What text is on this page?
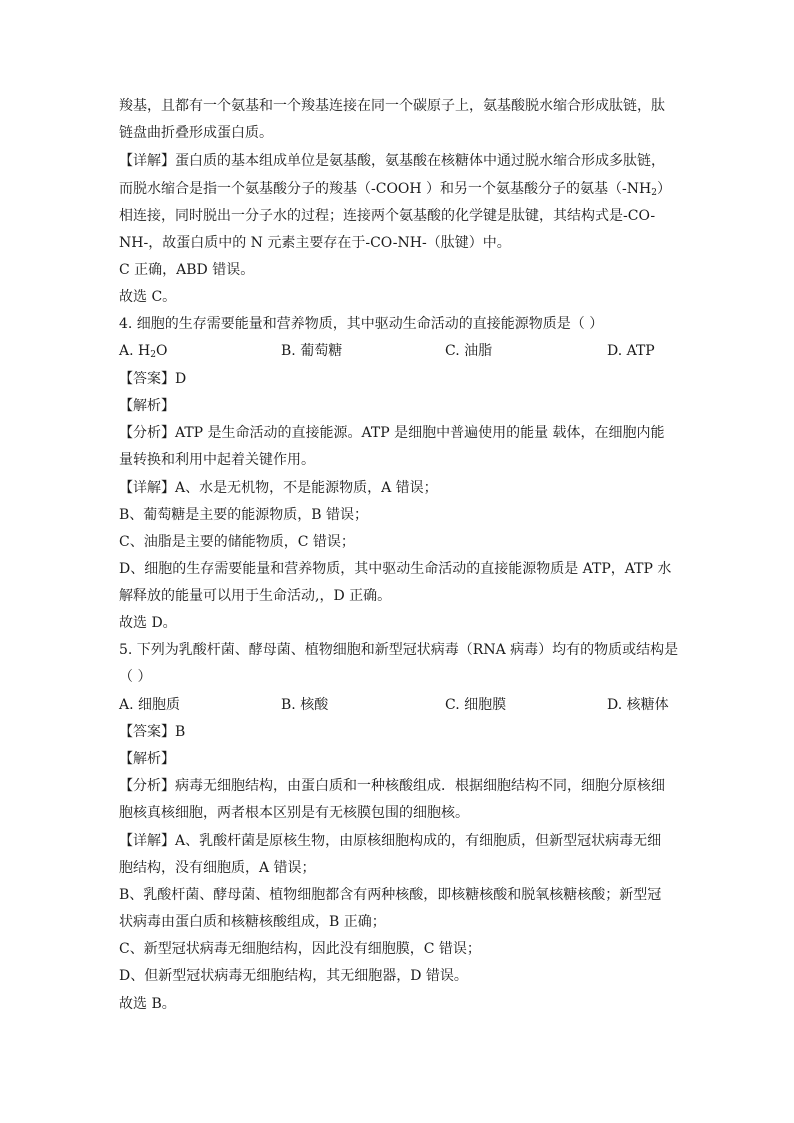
羧基，且都有一个氨基和一个羧基连接在同一个碳原子上，氨基酸脱水缩合形成肽链，肽
链盘曲折叠形成蛋白质。
【详解】蛋白质的基本组成单位是氨基酸，氨基酸在核糖体中通过脱水缩合形成多肽链，
而脱水缩合是指一个氨基酸分子的羧基（-COOH ）和另一个氨基酸分子的氨基$(-NH_2)$
相连接，同时脱出一分子水的过程；连接两个氨基酸的化学键是肽键，其结构式是-CO-
NH-，故蛋白质中的 N 元素主要存在于-CO-NH-（肽键）中。
C 正确，ABD 错误。
故选 C。
4. 细胞的生存需要能量和营养物质，其中驱动生命活动的直接能源物质是（ ）
A. $H_2O$	B. 葡萄糖	C. 油脂	D. ATP
【答案】D
【解析】
【分析】ATP 是生命活动的直接能源。ATP 是细胞中普遍使用的能量 载体，在细胞内能
量转换和利用中起着关键作用。
【详解】A、水是无机物，不是能源物质，A 错误；
B、葡萄糖是主要的能源物质，B 错误；
C、油脂是主要的储能物质，C 错误；
D、细胞的生存需要能量和营养物质，其中驱动生命活动的直接能源物质是 ATP，ATP 水
解释放的能量可以用于生命活动,，D 正确。
故选 D。
5. 下列为乳酸杆菌、酵母菌、植物细胞和新型冠状病毒（RNA 病毒）均有的物质或结构是
（ ）
A. 细胞质	B. 核酸	C. 细胞膜	D. 核糖体
【答案】B
【解析】
【分析】病毒无细胞结构，由蛋白质和一种核酸组成．根据细胞结构不同，细胞分原核细
胞核真核细胞，两者根本区别是有无核膜包围的细胞核。
【详解】A、乳酸杆菌是原核生物，由原核细胞构成的，有细胞质，但新型冠状病毒无细
胞结构，没有细胞质，A 错误；
B、乳酸杆菌、酵母菌、植物细胞都含有两种核酸，即核糖核酸和脱氧核糖核酸；新型冠
状病毒由蛋白质和核糖核酸组成，B 正确；
C、新型冠状病毒无细胞结构，因此没有细胞膜，C 错误；
D、但新型冠状病毒无细胞结构，其无细胞器，D 错误。
故选 B。
